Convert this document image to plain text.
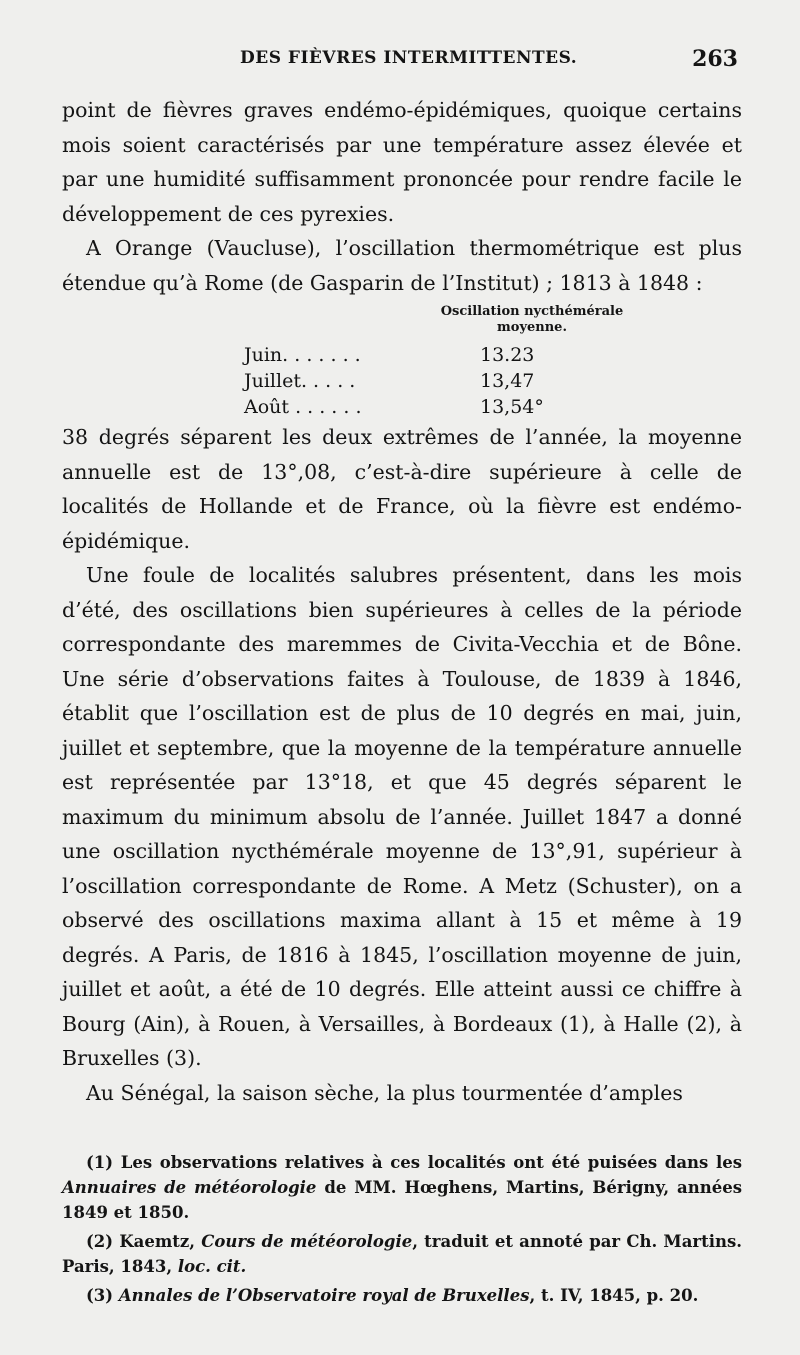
DES FIÈVRES INTERMITTENTES.	263

point de fièvres graves endémo-épidémiques, quoique certains mois soient caractérisés par une température assez élevée et par une humidité suffisamment prononcée pour rendre facile le développement de ces pyrexies.

A Orange (Vaucluse), l’oscillation thermométrique est plus étendue qu’à Rome (de Gasparin de l’Institut) ; 1813 à 1848 :

Oscillation nycthémérale moyenne.
Juin. . . . . . .	13.23
Juillet. . . . .	13,47
Août . . . . . .	13,54°

38 degrés séparent les deux extrêmes de l’année, la moyenne annuelle est de 13°,08, c’est-à-dire supérieure à celle de localités de Hollande et de France, où la fièvre est endémo-épidémique.

Une foule de localités salubres présentent, dans les mois d’été, des oscillations bien supérieures à celles de la période correspondante des maremmes de Civita-Vecchia et de Bône. Une série d’observations faites à Toulouse, de 1839 à 1846, établit que l’oscillation est de plus de 10 degrés en mai, juin, juillet et septembre, que la moyenne de la température annuelle est représentée par 13°18, et que 45 degrés séparent le maximum du minimum absolu de l’année. Juillet 1847 a donné une oscillation nycthémérale moyenne de 13°,91, supérieur à l’oscillation correspondante de Rome. A Metz (Schuster), on a observé des oscillations maxima allant à 15 et même à 19 degrés. A Paris, de 1816 à 1845, l’oscillation moyenne de juin, juillet et août, a été de 10 degrés. Elle atteint aussi ce chiffre à Bourg (Ain), à Rouen, à Versailles, à Bordeaux (1), à Halle (2), à Bruxelles (3).

Au Sénégal, la saison sèche, la plus tourmentée d’amples

(1) Les observations relatives à ces localités ont été puisées dans les Annuaires de météorologie de MM. Hœghens, Martins, Bérigny, années 1849 et 1850.

(2) Kaemtz, Cours de météorologie, traduit et annoté par Ch. Martins. Paris, 1843, loc. cit.

(3) Annales de l’Observatoire royal de Bruxelles, t. IV, 1845, p. 20.
